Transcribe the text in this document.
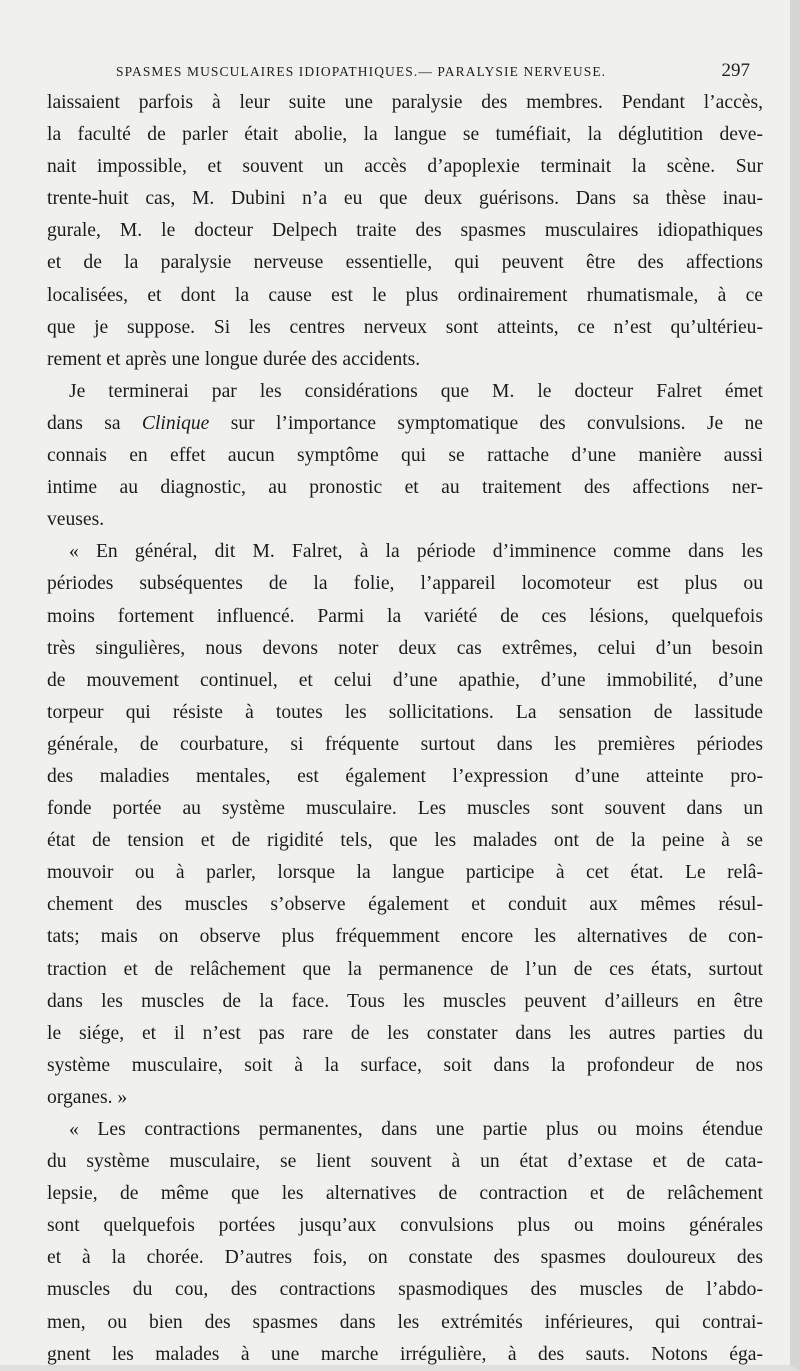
SPASMES MUSCULAIRES IDIOPATHIQUES.— PARALYSIE NERVEUSE.	297
laissaient parfois à leur suite une paralysie des membres. Pendant l’accès,
la faculté de parler était abolie, la langue se tuméfiait, la déglutition deve-
nait impossible, et souvent un accès d’apoplexie terminait la scène. Sur
trente-huit cas, M. Dubini n’a eu que deux guérisons. Dans sa thèse inau-
gurale, M. le docteur Delpech traite des spasmes musculaires idiopathiques
et de la paralysie nerveuse essentielle, qui peuvent être des affections
localisées, et dont la cause est le plus ordinairement rhumatismale, à ce
que je suppose. Si les centres nerveux sont atteints, ce n’est qu’ultérieu-
rement et après une longue durée des accidents.
Je terminerai par les considérations que M. le docteur Falret émet
dans sa Clinique sur l’importance symptomatique des convulsions. Je ne
connais en effet aucun symptôme qui se rattache d’une manière aussi
intime au diagnostic, au pronostic et au traitement des affections ner-
veuses.
« En général, dit M. Falret, à la période d’imminence comme dans les
périodes subséquentes de la folie, l’appareil locomoteur est plus ou
moins fortement influencé. Parmi la variété de ces lésions, quelquefois
très singulières, nous devons noter deux cas extrêmes, celui d’un besoin
de mouvement continuel, et celui d’une apathie, d’une immobilité, d’une
torpeur qui résiste à toutes les sollicitations. La sensation de lassitude
générale, de courbature, si fréquente surtout dans les premières périodes
des maladies mentales, est également l’expression d’une atteinte pro-
fonde portée au système musculaire. Les muscles sont souvent dans un
état de tension et de rigidité tels, que les malades ont de la peine à se
mouvoir ou à parler, lorsque la langue participe à cet état. Le relâ-
chement des muscles s’observe également et conduit aux mêmes résul-
tats; mais on observe plus fréquemment encore les alternatives de con-
traction et de relâchement que la permanence de l’un de ces états, surtout
dans les muscles de la face. Tous les muscles peuvent d’ailleurs en être
le siége, et il n’est pas rare de les constater dans les autres parties du
système musculaire, soit à la surface, soit dans la profondeur de nos
organes. »
« Les contractions permanentes, dans une partie plus ou moins étendue
du système musculaire, se lient souvent à un état d’extase et de cata-
lepsie, de même que les alternatives de contraction et de relâchement
sont quelquefois portées jusqu’aux convulsions plus ou moins générales
et à la chorée. D’autres fois, on constate des spasmes douloureux des
muscles du cou, des contractions spasmodiques des muscles de l’abdo-
men, ou bien des spasmes dans les extrémités inférieures, qui contrai-
gnent les malades à une marche irrégulière, à des sauts. Notons éga-
